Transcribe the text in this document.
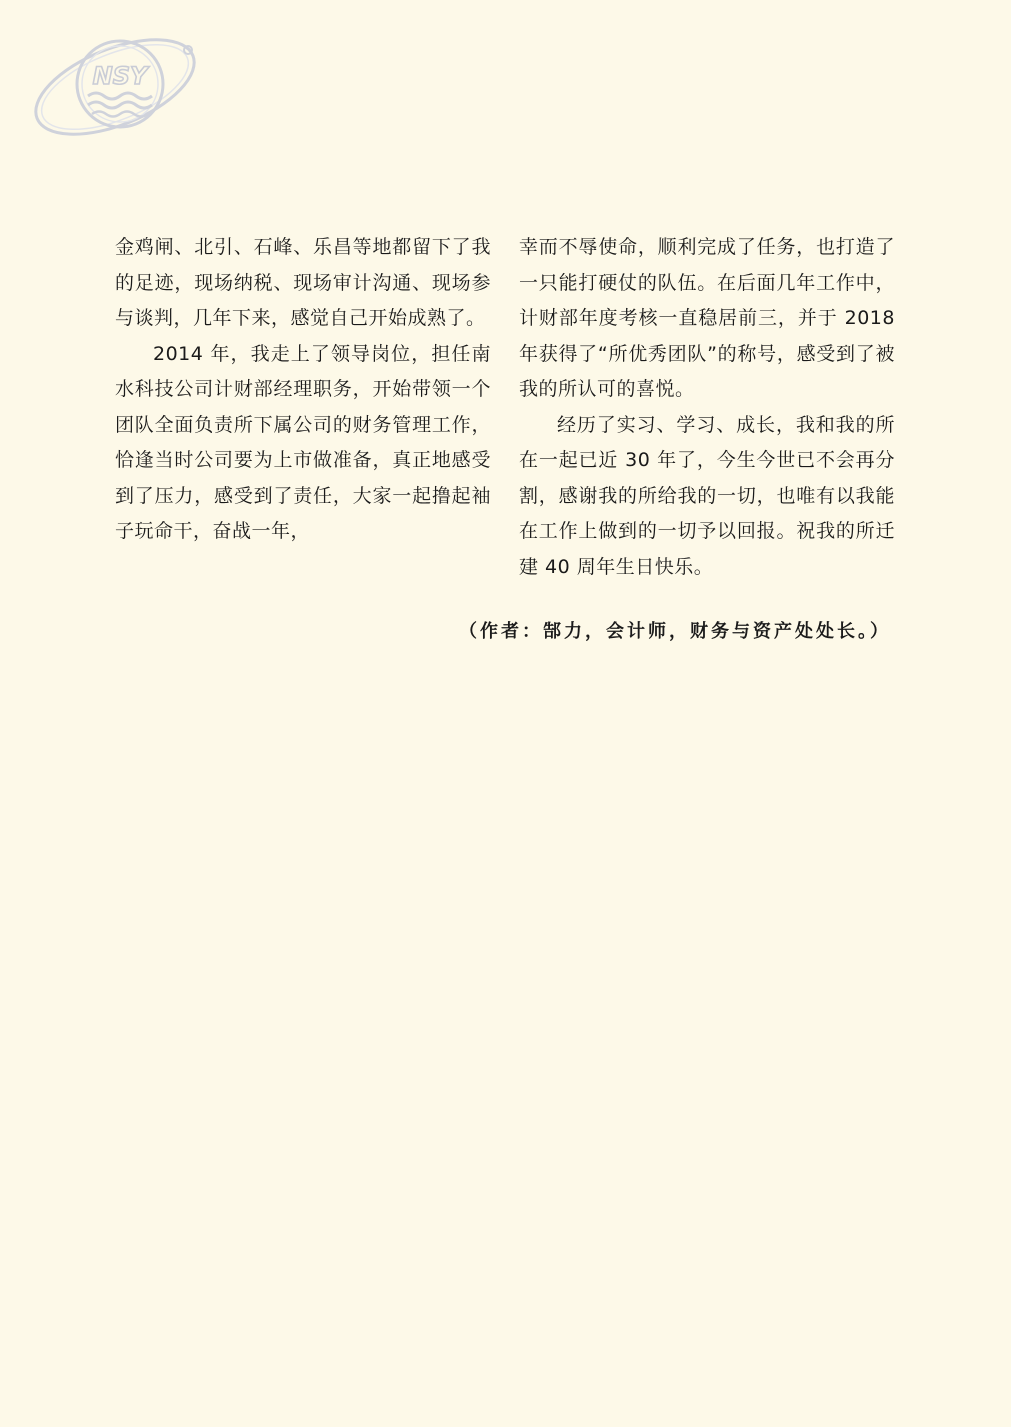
NSY

金鸡闸、北引、石峰、乐昌等地都留下了我的足迹，现场纳税、现场审计沟通、现场参与谈判，几年下来，感觉自己开始成熟了。

2014 年，我走上了领导岗位，担任南水科技公司计财部经理职务，开始带领一个团队全面负责所下属公司的财务管理工作，恰逢当时公司要为上市做准备，真正地感受到了压力，感受到了责任，大家一起撸起袖子玩命干，奋战一年，

幸而不辱使命，顺利完成了任务，也打造了一只能打硬仗的队伍。在后面几年工作中，计财部年度考核一直稳居前三，并于 2018 年获得了“所优秀团队”的称号，感受到了被我的所认可的喜悦。

经历了实习、学习、成长，我和我的所在一起已近 30 年了，今生今世已不会再分割，感谢我的所给我的一切，也唯有以我能在工作上做到的一切予以回报。祝我的所迁建 40 周年生日快乐。

（作者：郜力，会计师，财务与资产处处长。）
